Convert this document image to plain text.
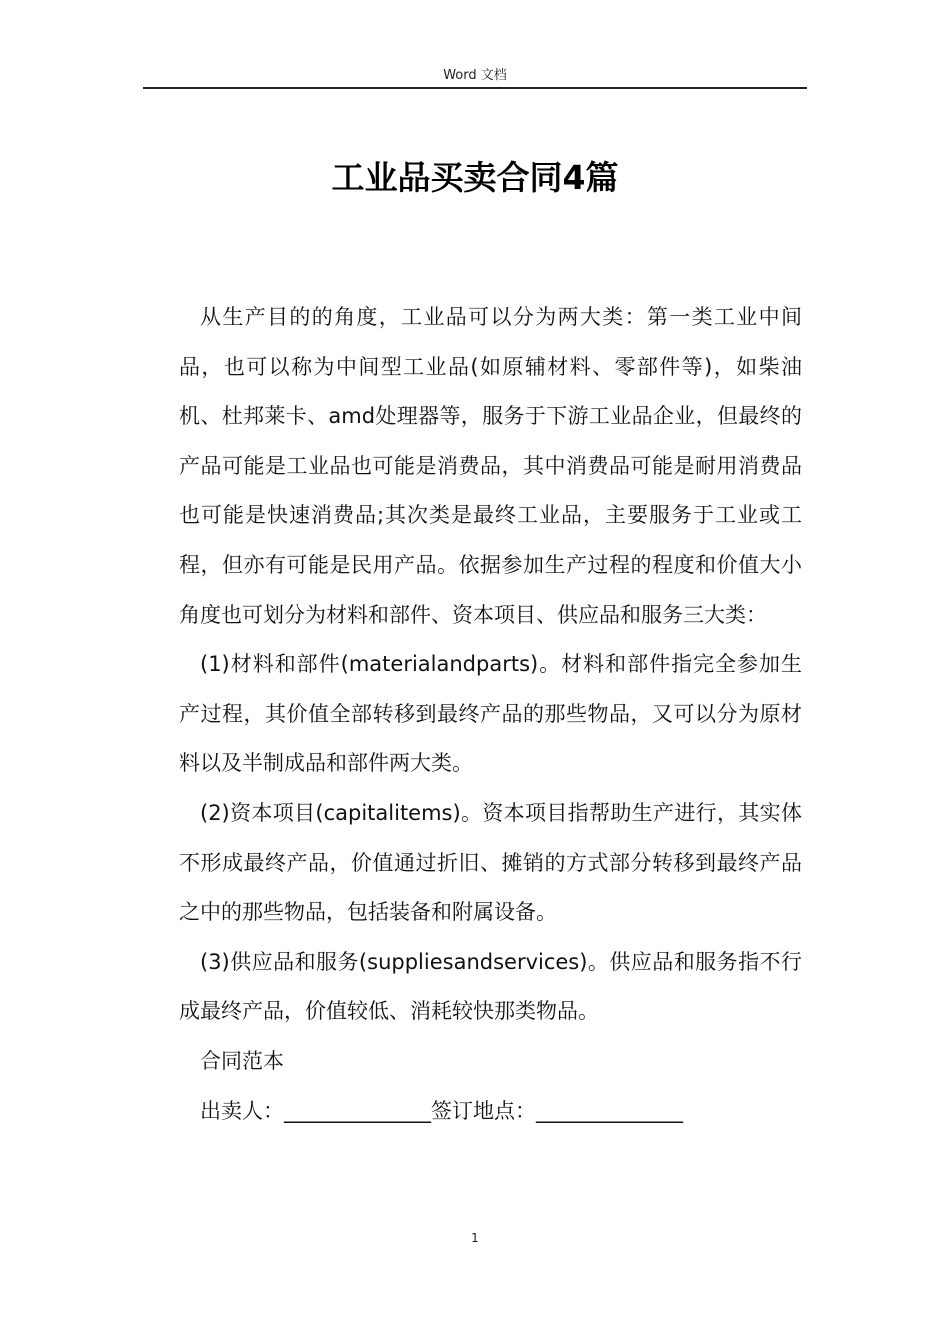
Word 文档
工业品买卖合同4篇

从生产目的的角度，工业品可以分为两大类：第一类工业中间品，也可以称为中间型工业品(如原辅材料、零部件等)，如柴油机、杜邦莱卡、amd处理器等，服务于下游工业品企业，但最终的产品可能是工业品也可能是消费品，其中消费品可能是耐用消费品也可能是快速消费品;其次类是最终工业品，主要服务于工业或工程，但亦有可能是民用产品。依据参加生产过程的程度和价值大小角度也可划分为材料和部件、资本项目、供应品和服务三大类：

(1)材料和部件(materialandparts)。材料和部件指完全参加生产过程，其价值全部转移到最终产品的那些物品，又可以分为原材料以及半制成品和部件两大类。

(2)资本项目(capitalitems)。资本项目指帮助生产进行，其实体不形成最终产品，价值通过折旧、摊销的方式部分转移到最终产品之中的那些物品，包括装备和附属设备。

(3)供应品和服务(suppliesandservices)。供应品和服务指不行成最终产品，价值较低、消耗较快那类物品。

合同范本

出卖人：______________签订地点：______________

1
